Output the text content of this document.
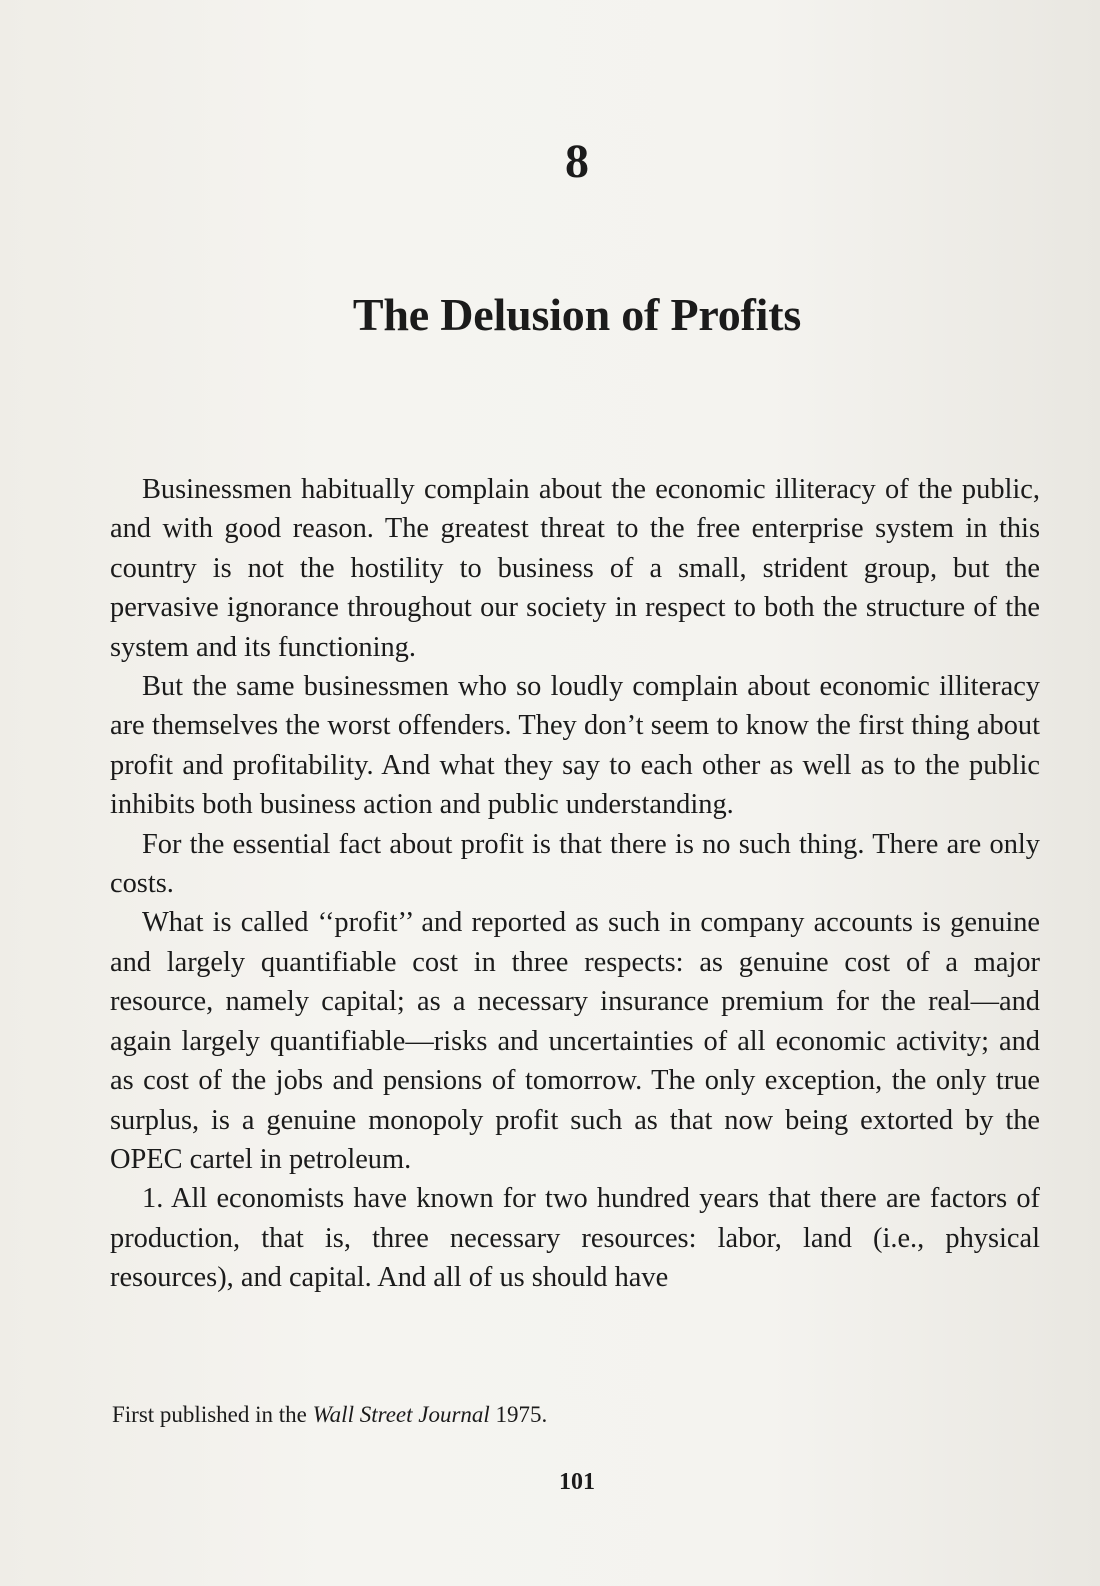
8
The Delusion of Profits

Businessmen habitually complain about the economic illiteracy of the public, and with good reason. The greatest threat to the free enterprise system in this country is not the hostility to business of a small, strident group, but the pervasive ignorance throughout our society in respect to both the structure of the system and its functioning.

But the same businessmen who so loudly complain about economic illiteracy are themselves the worst offenders. They don’t seem to know the first thing about profit and profitability. And what they say to each other as well as to the public inhibits both business action and public understanding.

For the essential fact about profit is that there is no such thing. There are only costs.

What is called ‘‘profit’’ and reported as such in company accounts is genuine and largely quantifiable cost in three respects: as genuine cost of a major resource, namely capital; as a necessary insurance premium for the real—and again largely quantifiable—risks and uncertainties of all economic activity; and as cost of the jobs and pensions of tomorrow. The only exception, the only true surplus, is a genuine monopoly profit such as that now being extorted by the OPEC cartel in petroleum.

1. All economists have known for two hundred years that there are factors of production, that is, three necessary resources: labor, land (i.e., physical resources), and capital. And all of us should have

First published in the Wall Street Journal 1975.
101
